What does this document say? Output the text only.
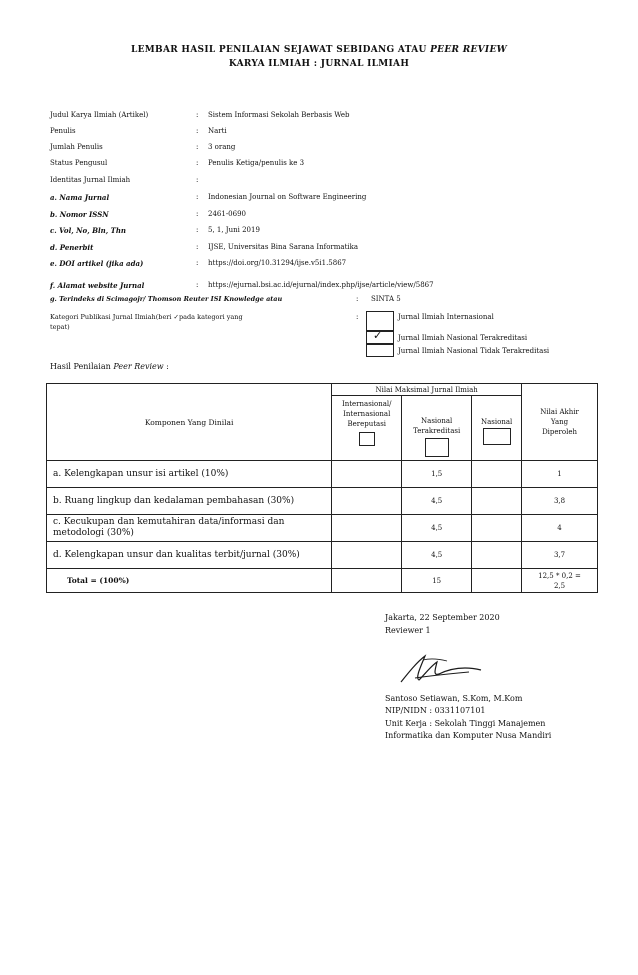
LEMBAR HASIL PENILAIAN SEJAWAT SEBIDANG ATAU PEER REVIEW
KARYA ILMIAH : JURNAL ILMIAH
Judul Karya Ilmiah (Artikel)	: Sistem Informasi Sekolah Berbasis Web
Penulis	: Narti
Jumlah Penulis	: 3 orang
Status Pengusul	: Penulis Ketiga/penulis ke 3
Identitas Jurnal Ilmiah	:
a. Nama Jurnal	: Indonesian Journal on Software Engineering
b. Nomor ISSN	: 2461-0690
c. Vol, No, Bln, Thn	: 5, 1, Juni 2019
d. Penerbit	: IJSE, Universitas Bina Sarana Informatika
e. DOI artikel (jika ada)	: https://doi.org/10.31294/ijse.v5i1.5867
f. Alamat website Jurnal	: https://ejurnal.bsi.ac.id/ejurnal/index.php/ijse/article/view/5867
g. Terindeks di Scimagojr/ Thomson Reuter ISI Knowledge atau	: SINTA 5
Kategori Publikasi Jurnal Ilmiah(beri ✓pada kategori yang
tepat)
:	Jurnal Ilmiah Internasional
✓ Jurnal Ilmiah Nasional Terakreditasi
Jurnal Ilmiah Nasional Tidak Terakreditasi
Hasil Penilaian Peer Review :
Komponen Yang Dinilai	Nilai Maksimal Jurnal Ilmiah			Nilai Akhir Yang Diperoleh

	Internasional/ Internasional Bereputasi	Nasional Terakreditasi	Nasional	

a. Kelengkapan unsur isi artikel (10%)		1,5		1
b. Ruang lingkup dan kedalaman pembahasan (30%)		4,5		3,8
c. Kecukupan dan kemutahiran data/informasi dan metodologi (30%)		4,5		4
d. Kelengkapan unsur dan kualitas terbit/jurnal (30%)		4,5		3,7
Total = (100%)		15		12,5 * 0,2 = 2,5
Jakarta, 22 September 2020
Reviewer 1
Santoso Setiawan, S.Kom, M.Kom
NIP/NIDN : 0331107101
Unit Kerja : Sekolah Tinggi Manajemen Informatika dan Komputer Nusa Mandiri
